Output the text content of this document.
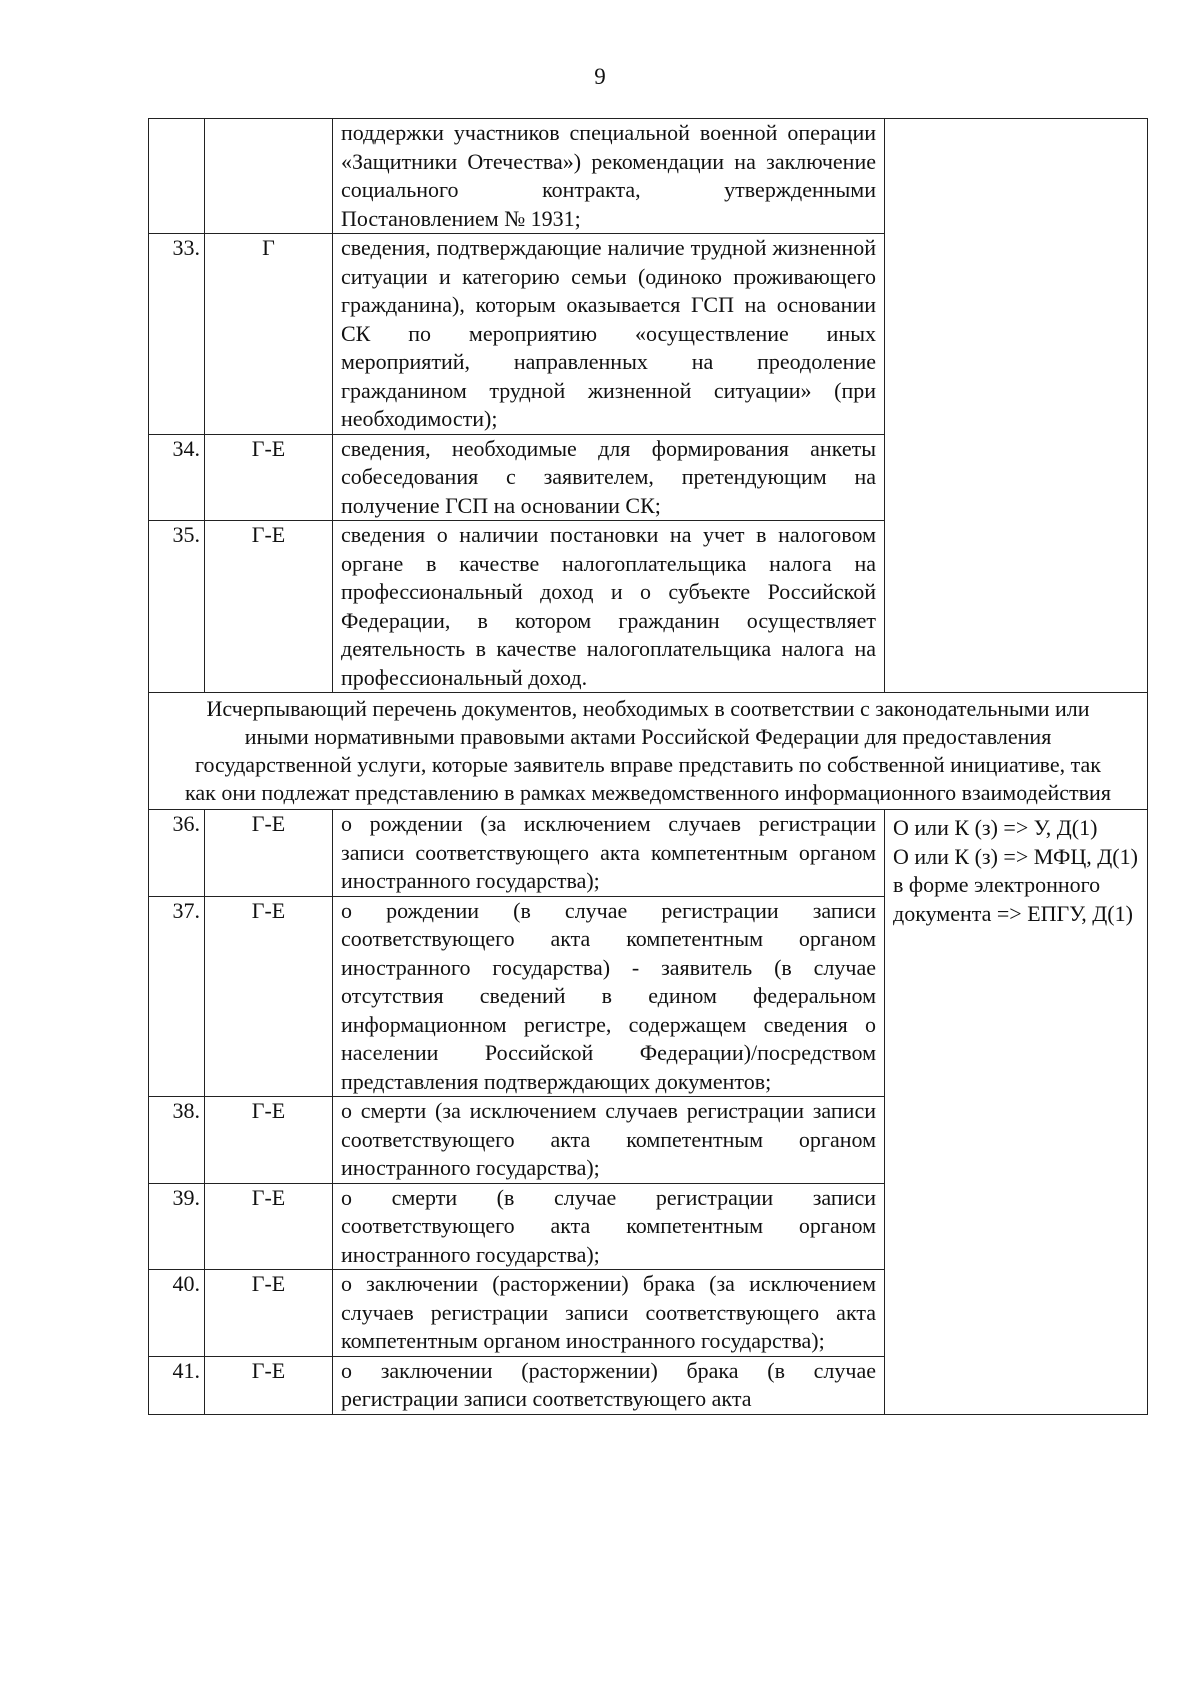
9
		поддержки участников специальной военной операции «Защитники Отечества») рекомендации на заключение социального контракта, утвержденными Постановлением № 1931;	
33.	Г	сведения, подтверждающие наличие трудной жизненной ситуации и категорию семьи (одиноко проживающего гражданина), которым оказывается ГСП на основании СК по мероприятию «осуществление иных мероприятий, направленных на преодоление гражданином трудной жизненной ситуации» (при необходимости);	
34.	Г-Е	сведения, необходимые для формирования анкеты собеседования с заявителем, претендующим на получение ГСП на основании СК;	
35.	Г-Е	сведения о наличии постановки на учет в налоговом органе в качестве налогоплательщика налога на профессиональный доход и о субъекте Российской Федерации, в котором гражданин осуществляет деятельность в качестве налогоплательщика налога на профессиональный доход.	
Исчерпывающий перечень документов, необходимых в соответствии с законодательными или иными нормативными правовыми актами Российской Федерации для предоставления государственной услуги, которые заявитель вправе представить по собственной инициативе, так как они подлежат представлению в рамках межведомственного информационного взаимодействия			
36.	Г-Е	о рождении (за исключением случаев регистрации записи соответствующего акта компетентным органом иностранного государства);	О или К (з) => У, Д(1)
О или К (з) => МФЦ, Д(1)
в форме электронного документа => ЕПГУ, Д(1)

37.	Г-Е	о рождении (в случае регистрации записи соответствующего акта компетентным органом иностранного государства) - заявитель (в случае отсутствия сведений в едином федеральном информационном регистре, содержащем сведения о населении Российской Федерации)/посредством представления подтверждающих документов;	
38.	Г-Е	о смерти (за исключением случаев регистрации записи соответствующего акта компетентным органом иностранного государства);	
39.	Г-Е	о смерти (в случае регистрации записи соответствующего акта компетентным органом иностранного государства);	
40.	Г-Е	о заключении (расторжении) брака (за исключением случаев регистрации записи соответствующего акта компетентным органом иностранного государства);	
41.	Г-Е	о заключении (расторжении) брака (в случае регистрации записи соответствующего акта	
